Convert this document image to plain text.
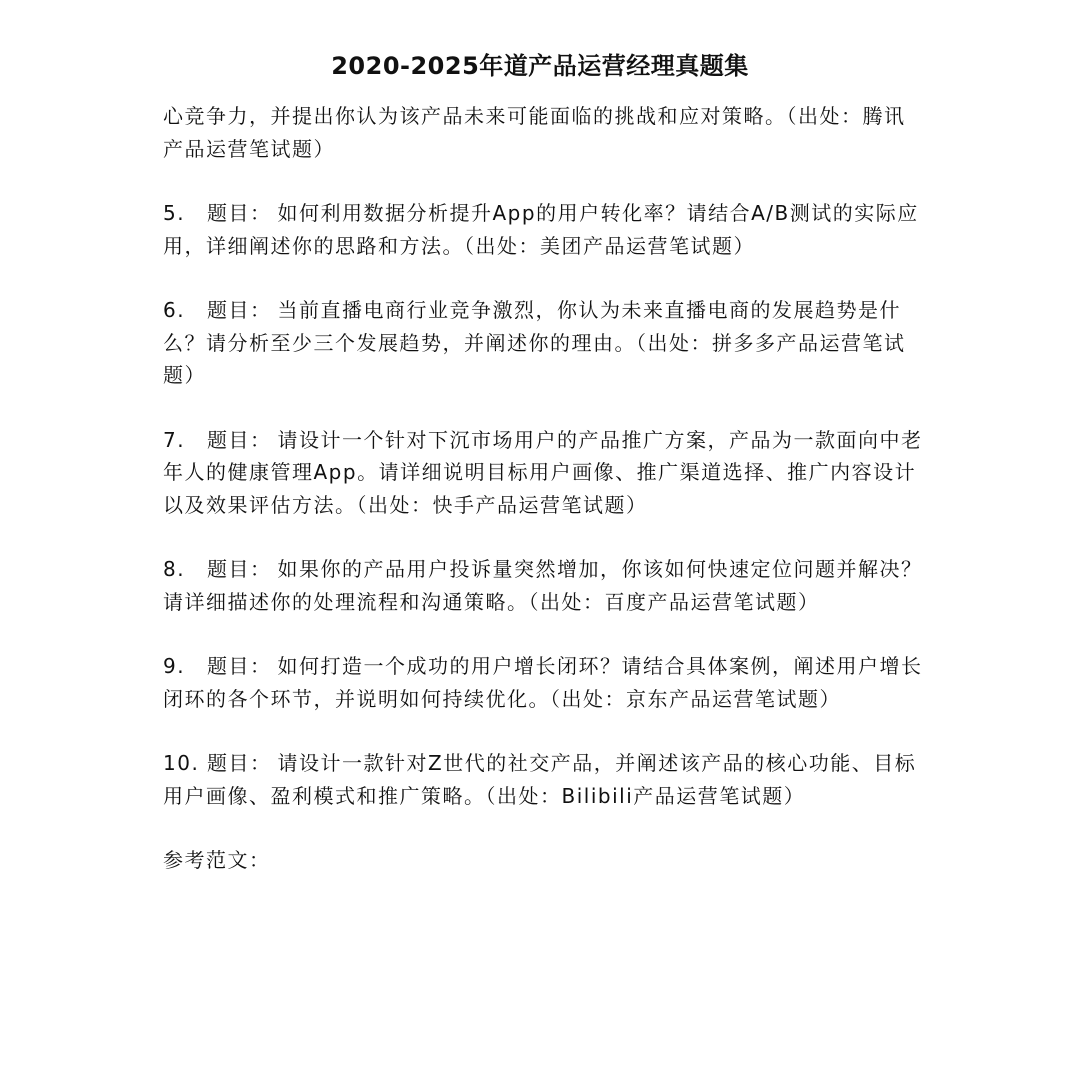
2020-2025年道产品运营经理真题集

心竞争力，并提出你认为该产品未来可能面临的挑战和应对策略。（出处：腾讯产品运营笔试题）

5. 题目： 如何利用数据分析提升App的用户转化率？请结合A/B测试的实际应用，详细阐述你的思路和方法。（出处：美团产品运营笔试题）

6. 题目： 当前直播电商行业竞争激烈，你认为未来直播电商的发展趋势是什么？请分析至少三个发展趋势，并阐述你的理由。（出处：拼多多产品运营笔试题）

7. 题目： 请设计一个针对下沉市场用户的产品推广方案，产品为一款面向中老年人的健康管理App。请详细说明目标用户画像、推广渠道选择、推广内容设计以及效果评估方法。（出处：快手产品运营笔试题）

8. 题目： 如果你的产品用户投诉量突然增加，你该如何快速定位问题并解决？请详细描述你的处理流程和沟通策略。（出处：百度产品运营笔试题）

9. 题目： 如何打造一个成功的用户增长闭环？请结合具体案例，阐述用户增长闭环的各个环节，并说明如何持续优化。（出处：京东产品运营笔试题）

10. 题目： 请设计一款针对Z世代的社交产品，并阐述该产品的核心功能、目标用户画像、盈利模式和推广策略。（出处：Bilibili产品运营笔试题）

参考范文：
